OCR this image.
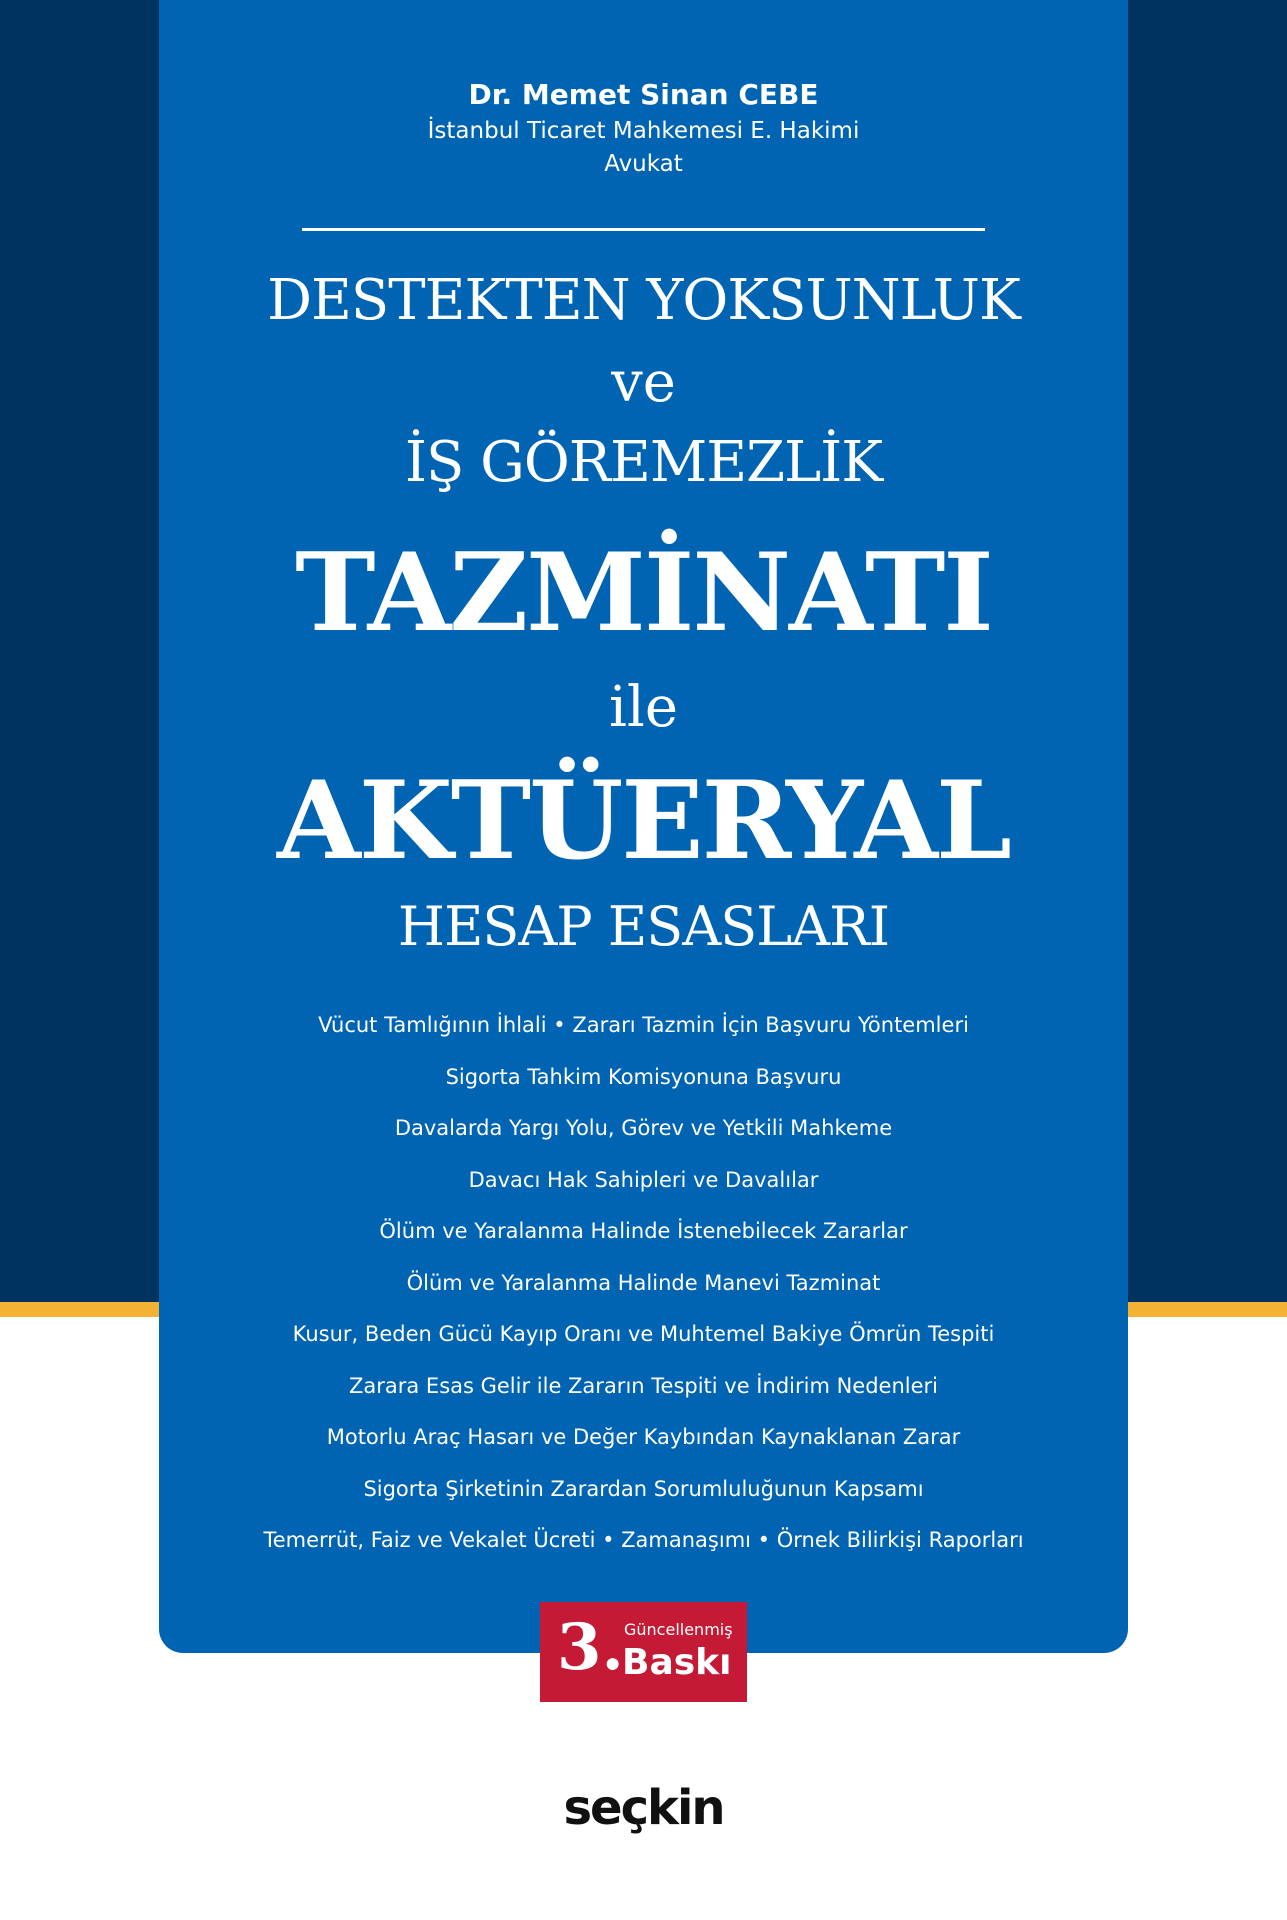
Dr. Memet Sinan CEBE
İstanbul Ticaret Mahkemesi E. Hakimi
Avukat
DESTEKTEN YOKSUNLUK
ve
İŞ GÖREMEZLİK
TAZMİNATI
ile
AKTÜERYAL
HESAP ESASLARI
Vücut Tamlığının İhlali • Zararı Tazmin İçin Başvuru Yöntemleri
Sigorta Tahkim Komisyonuna Başvuru
Davalarda Yargı Yolu, Görev ve Yetkili Mahkeme
Davacı Hak Sahipleri ve Davalılar
Ölüm ve Yaralanma Halinde İstenebilecek Zararlar
Ölüm ve Yaralanma Halinde Manevi Tazminat
Kusur, Beden Gücü Kayıp Oranı ve Muhtemel Bakiye Ömrün Tespiti
Zarara Esas Gelir ile Zararın Tespiti ve İndirim Nedenleri
Motorlu Araç Hasarı ve Değer Kaybından Kaynaklanan Zarar
Sigorta Şirketinin Zarardan Sorumluluğunun Kapsamı
Temerrüt, Faiz ve Vekalet Ücreti • Zamanaşımı • Örnek Bilirkişi Raporları
3. Güncellenmiş
Baskı
seçkin
